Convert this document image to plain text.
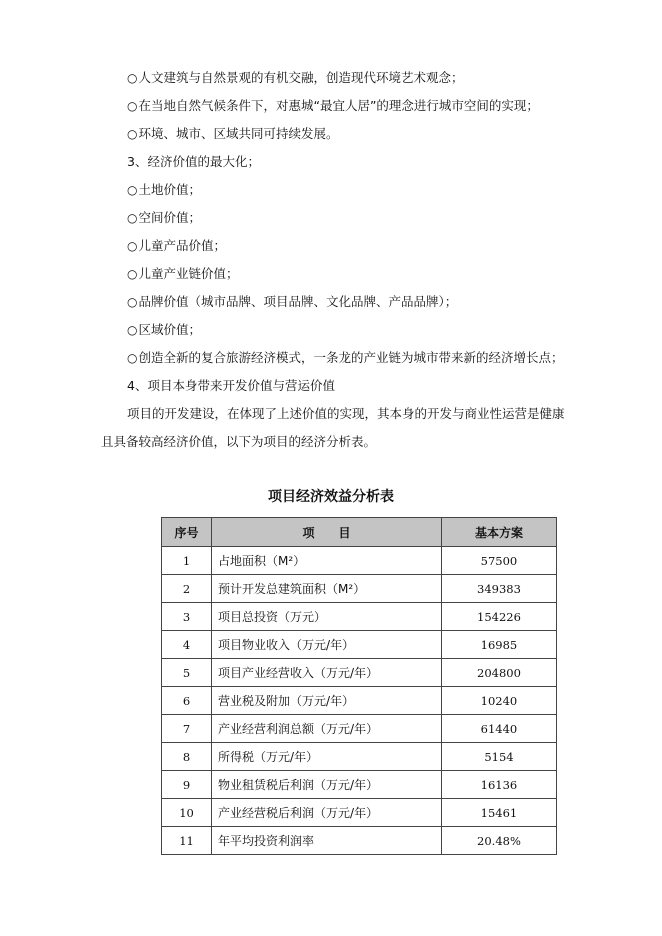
○人文建筑与自然景观的有机交融，创造现代环境艺术观念；
○在当地自然气候条件下，对惠城“最宜人居”的理念进行城市空间的实现；
○环境、城市、区域共同可持续发展。
3、经济价值的最大化；
○土地价值；
○空间价值；
○儿童产品价值；
○儿童产业链价值；
○品牌价值（城市品牌、项目品牌、文化品牌、产品品牌）；
○区域价值；
○创造全新的复合旅游经济模式，一条龙的产业链为城市带来新的经济增长点；
4、项目本身带来开发价值与营运价值
项目的开发建设，在体现了上述价值的实现，其本身的开发与商业性运营是健康
且具备较高经济价值，以下为项目的经济分析表。
项目经济效益分析表
序号	项　　目	基本方案
1	占地面积（M²）	57500
2	预计开发总建筑面积（M²）	349383
3	项目总投资（万元）	154226
4	项目物业收入（万元/年）	16985
5	项目产业经营收入（万元/年）	204800
6	营业税及附加（万元/年）	10240
7	产业经营利润总额（万元/年）	61440
8	所得税（万元/年）	5154
9	物业租赁税后利润（万元/年）	16136
10	产业经营税后利润（万元/年）	15461
11	年平均投资利润率	20.48%
